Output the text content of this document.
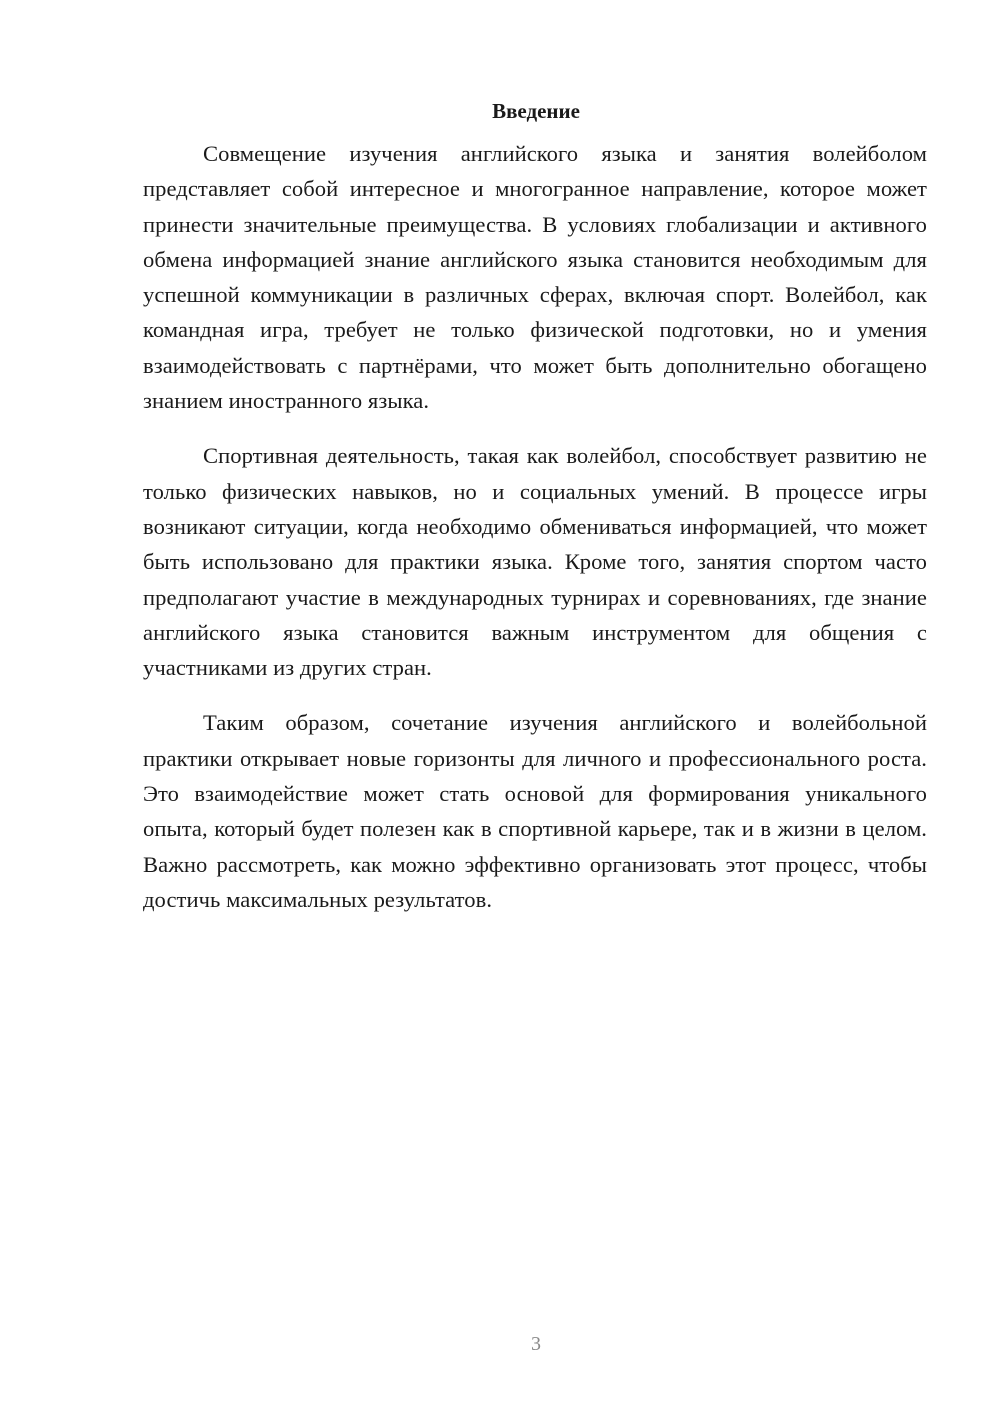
Введение

Совмещение изучения английского языка и занятия волейболом представляет собой интересное и многогранное направление, которое может принести значительные преимущества. В условиях глобализации и активного обмена информацией знание английского языка становится необходимым для успешной коммуникации в различных сферах, включая спорт. Волейбол, как командная игра, требует не только физической подготовки, но и умения взаимодействовать с партнёрами, что может быть дополнительно обогащено знанием иностранного языка.

Спортивная деятельность, такая как волейбол, способствует развитию не только физических навыков, но и социальных умений. В процессе игры возникают ситуации, когда необходимо обмениваться информацией, что может быть использовано для практики языка. Кроме того, занятия спортом часто предполагают участие в международных турнирах и соревнованиях, где знание английского языка становится важным инструментом для общения с участниками из других стран.

Таким образом, сочетание изучения английского и волейбольной практики открывает новые горизонты для личного и профессионального роста. Это взаимодействие может стать основой для формирования уникального опыта, который будет полезен как в спортивной карьере, так и в жизни в целом. Важно рассмотреть, как можно эффективно организовать этот процесс, чтобы достичь максимальных результатов.

3
